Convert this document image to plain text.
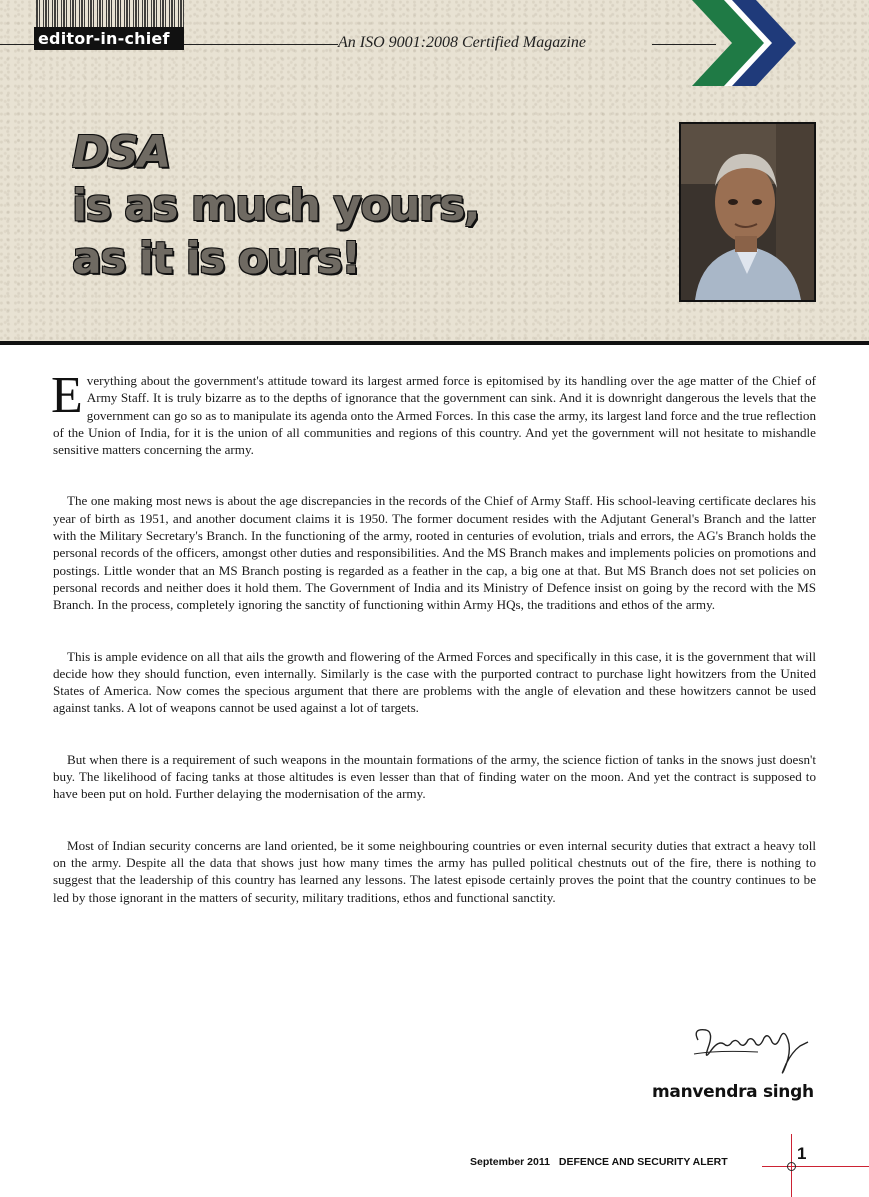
editor-in-chief	An ISO 9001:2008 Certified Magazine
DSA
is as much yours,
as it is ours!

Everything about the government's attitude toward its largest armed force is epitomised by its handling over the age matter of the Chief of Army Staff. It is truly bizarre as to the depths of ignorance that the government can sink. And it is downright dangerous the levels that the government can go so as to manipulate its agenda onto the Armed Forces. In this case the army, its largest land force and the true reflection of the Union of India, for it is the union of all communities and regions of this country. And yet the government will not hesitate to mishandle sensitive matters concerning the army.

The one making most news is about the age discrepancies in the records of the Chief of Army Staff. His school-leaving certificate declares his year of birth as 1951, and another document claims it is 1950. The former document resides with the Adjutant General's Branch and the latter with the Military Secretary's Branch. In the functioning of the army, rooted in centuries of evolution, trials and errors, the AG's Branch holds the personal records of the officers, amongst other duties and responsibilities. And the MS Branch makes and implements policies on promotions and postings. Little wonder that an MS Branch posting is regarded as a feather in the cap, a big one at that. But MS Branch does not set policies on personal records and neither does it hold them. The Government of India and its Ministry of Defence insist on going by the record with the MS Branch. In the process, completely ignoring the sanctity of functioning within Army HQs, the traditions and ethos of the army.

This is ample evidence on all that ails the growth and flowering of the Armed Forces and specifically in this case, it is the government that will decide how they should function, even internally. Similarly is the case with the purported contract to purchase light howitzers from the United States of America. Now comes the specious argument that there are problems with the angle of elevation and these howitzers cannot be used against tanks. A lot of weapons cannot be used against a lot of targets.

But when there is a requirement of such weapons in the mountain formations of the army, the science fiction of tanks in the snows just doesn't buy. The likelihood of facing tanks at those altitudes is even lesser than that of finding water on the moon. And yet the contract is supposed to have been put on hold. Further delaying the modernisation of the army.

Most of Indian security concerns are land oriented, be it some neighbouring countries or even internal security duties that extract a heavy toll on the army. Despite all the data that shows just how many times the army has pulled political chestnuts out of the fire, there is nothing to suggest that the leadership of this country has learned any lessons. The latest episode certainly proves the point that the country continues to be led by those ignorant in the matters of security, military traditions, ethos and functional sanctity.

manvendra singh
September 2011 DEFENCE AND SECURITY ALERT	1
